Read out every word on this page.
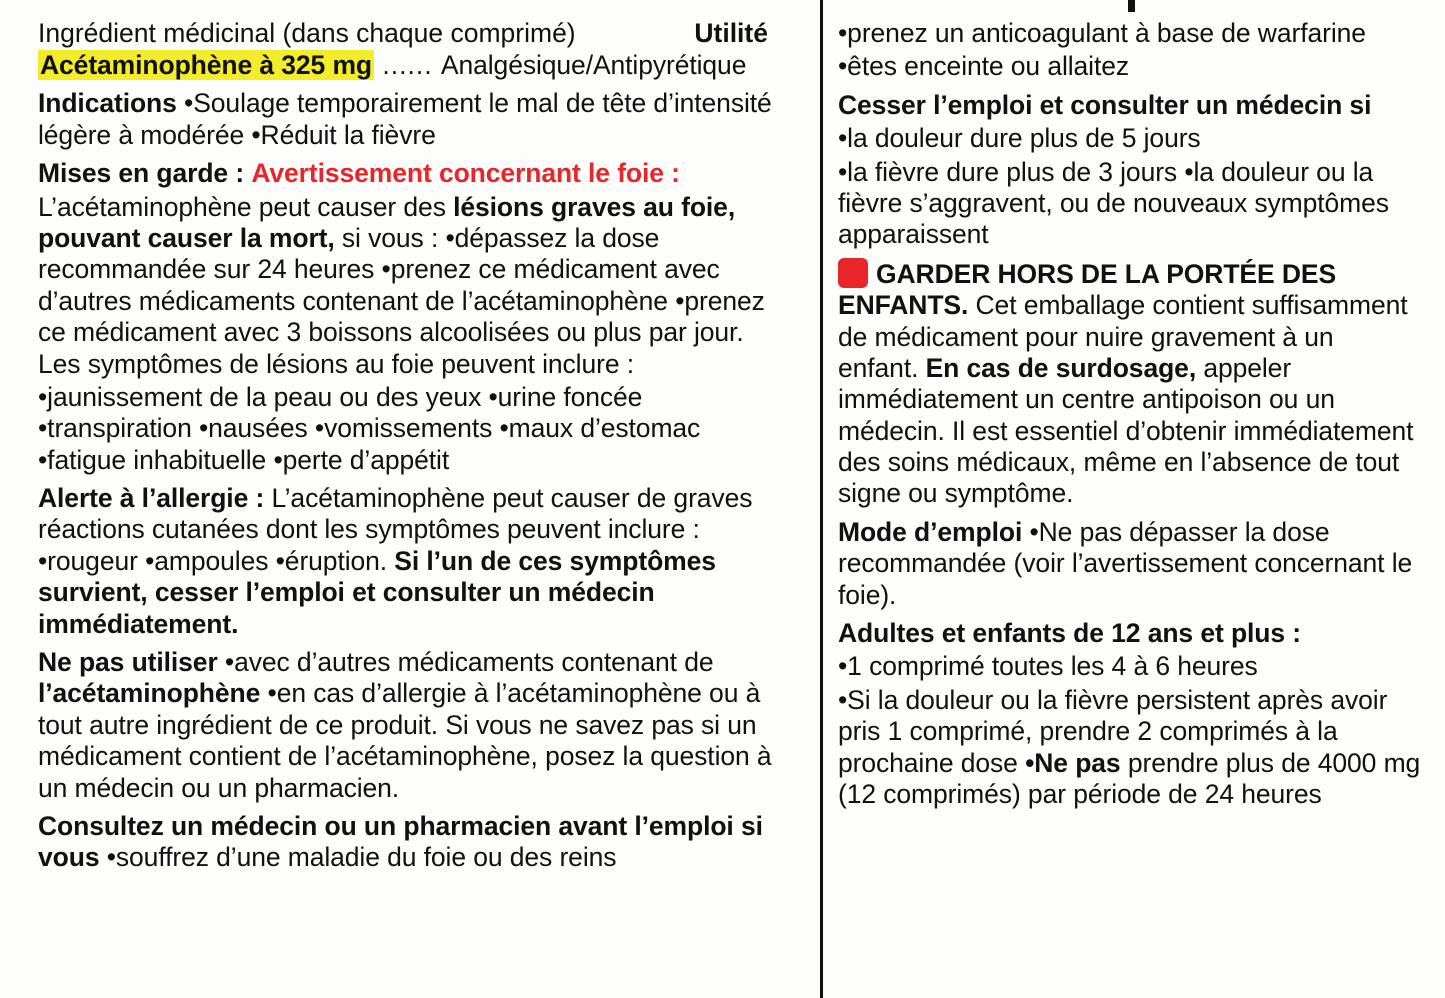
Ingrédient médicinal (dans chaque comprimé)	Utilité

Acétaminophène à 325 mg ...... Analgésique/Antipyrétique

Indications •Soulage temporairement le mal de tête d’intensité légère à modérée •Réduit la fièvre

Mises en garde : Avertissement concernant le foie :

L’acétaminophène peut causer des lésions graves au foie, pouvant causer la mort, si vous : •dépassez la dose recommandée sur 24 heures •prenez ce médicament avec d’autres médicaments contenant de l’acétaminophène •prenez ce médicament avec 3 boissons alcoolisées ou plus par jour. Les symptômes de lésions au foie peuvent inclure :

•jaunissement de la peau ou des yeux •urine foncée •transpiration •nausées •vomissements •maux d’estomac •fatigue inhabituelle •perte d’appétit

Alerte à l’allergie : L’acétaminophène peut causer de graves réactions cutanées dont les symptômes peuvent inclure : •rougeur •ampoules •éruption. Si l’un de ces symptômes survient, cesser l’emploi et consulter un médecin immédiatement.

Ne pas utiliser •avec d’autres médicaments contenant de l’acétaminophène •en cas d’allergie à l’acétaminophène ou à tout autre ingrédient de ce produit. Si vous ne savez pas si un médicament contient de l’acétaminophène, posez la question à un médecin ou un pharmacien.

Consultez un médecin ou un pharmacien avant l’emploi si vous •souffrez d’une maladie du foie ou des reins

•prenez un anticoagulant à base de warfarine

•êtes enceinte ou allaitez

Cesser l’emploi et consulter un médecin si

•la douleur dure plus de 5 jours

•la fièvre dure plus de 3 jours •la douleur ou la fièvre s’aggravent, ou de nouveaux symptômes apparaissent

GARDER HORS DE LA PORTÉE DES ENFANTS. Cet emballage contient suffisamment de médicament pour nuire gravement à un enfant. En cas de surdosage, appeler immédiatement un centre antipoison ou un médecin. Il est essentiel d’obtenir immédiatement des soins médicaux, même en l’absence de tout signe ou symptôme.

Mode d’emploi •Ne pas dépasser la dose recommandée (voir l’avertissement concernant le foie).

Adultes et enfants de 12 ans et plus :

•1 comprimé toutes les 4 à 6 heures

•Si la douleur ou la fièvre persistent après avoir pris 1 comprimé, prendre 2 comprimés à la prochaine dose •Ne pas prendre plus de 4000 mg (12 comprimés) par période de 24 heures
